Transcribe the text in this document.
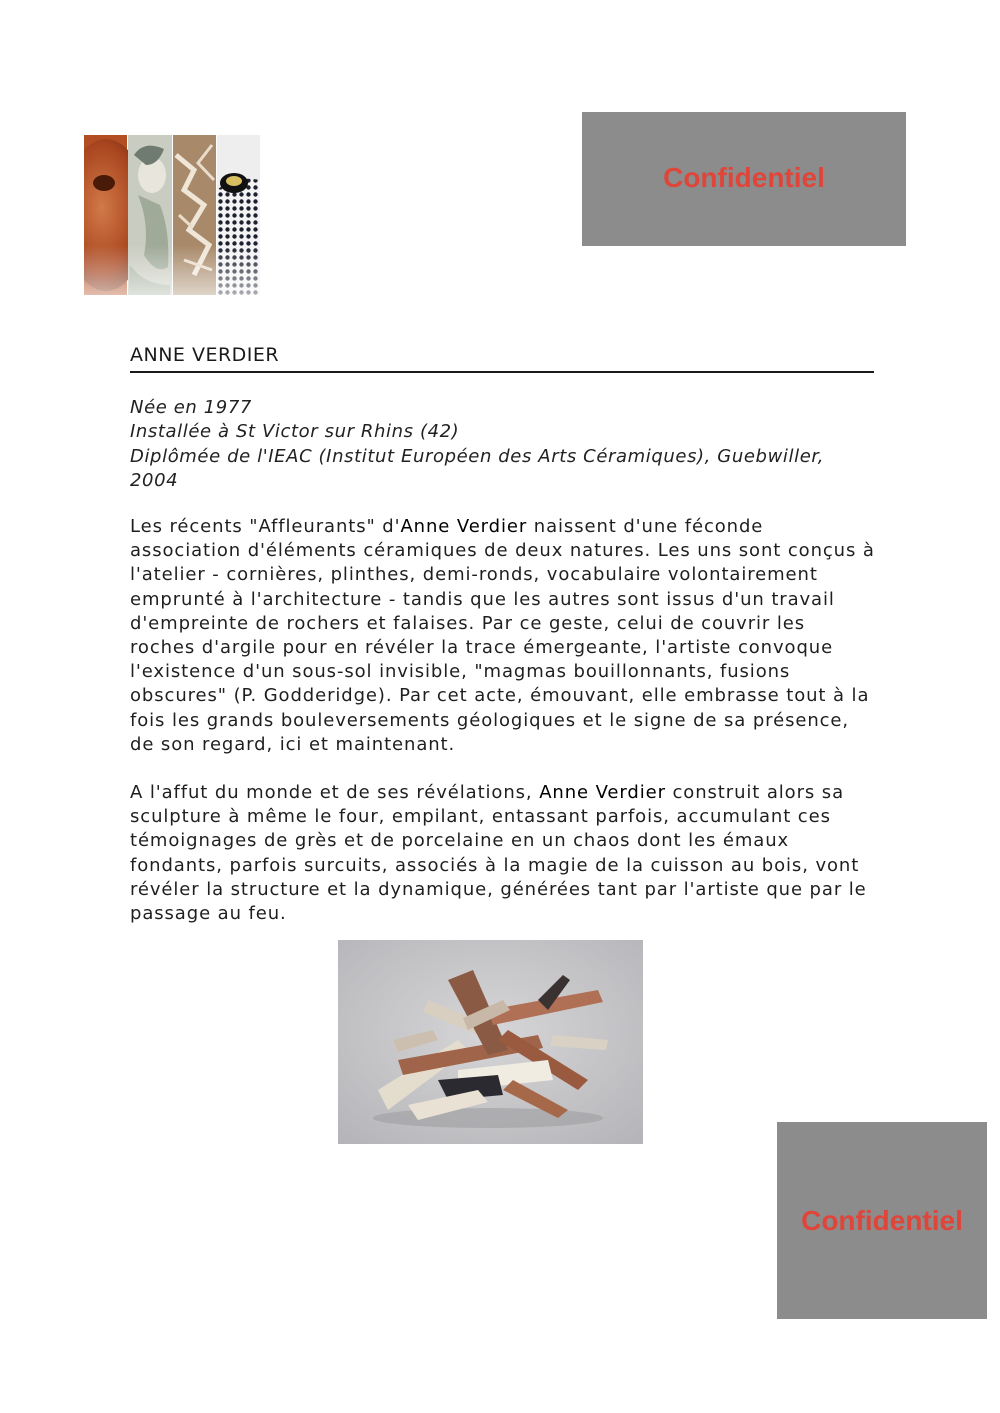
Confidentiel
ANNE VERDIER
Née en 1977
Installée à St Victor sur Rhins (42)
Diplômée de l'IEAC (Institut Européen des Arts Céramiques), Guebwiller,
2004

Les récents "Affleurants" d'Anne Verdier naissent d'une féconde association d'éléments céramiques de deux natures. Les uns sont conçus à l'atelier - cornières, plinthes, demi-ronds, vocabulaire volontairement emprunté à l'architecture - tandis que les autres sont issus d'un travail d'empreinte de rochers et falaises. Par ce geste, celui de couvrir les roches d'argile pour en révéler la trace émergeante, l'artiste convoque l'existence d'un sous-sol invisible, "magmas bouillonnants, fusions obscures" (P. Godderidge). Par cet acte, émouvant, elle embrasse tout à la fois les grands bouleversements géologiques et le signe de sa présence, de son regard, ici et maintenant.

A l'affut du monde et de ses révélations, Anne Verdier construit alors sa sculpture à même le four, empilant, entassant parfois, accumulant ces témoignages de grès et de porcelaine en un chaos dont les émaux fondants, parfois surcuits, associés à la magie de la cuisson au bois, vont révéler la structure et la dynamique, générées tant par l'artiste que par le passage au feu.

Confidentiel
